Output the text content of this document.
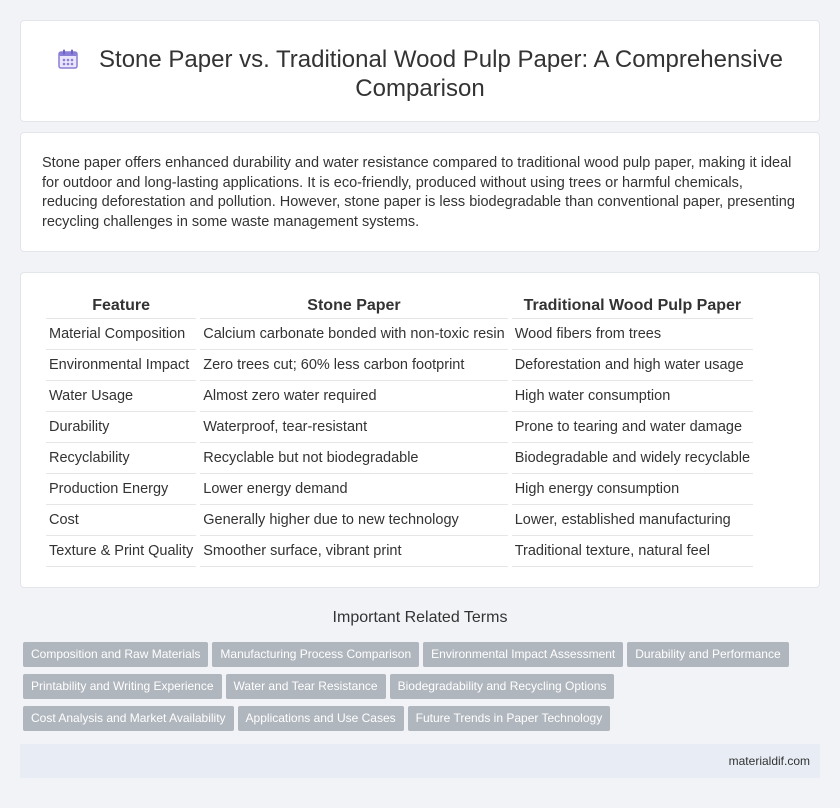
Stone Paper vs. Traditional Wood Pulp Paper: A Comprehensive Comparison

Stone paper offers enhanced durability and water resistance compared to traditional wood pulp paper, making it ideal for outdoor and long-lasting applications. It is eco-friendly, produced without using trees or harmful chemicals, reducing deforestation and pollution. However, stone paper is less biodegradable than conventional paper, presenting recycling challenges in some waste management systems.

Feature	Stone Paper	Traditional Wood Pulp Paper
Material Composition	Calcium carbonate bonded with non-toxic resin	Wood fibers from trees
Environmental Impact	Zero trees cut; 60% less carbon footprint	Deforestation and high water usage
Water Usage	Almost zero water required	High water consumption
Durability	Waterproof, tear-resistant	Prone to tearing and water damage
Recyclability	Recyclable but not biodegradable	Biodegradable and widely recyclable
Production Energy	Lower energy demand	High energy consumption
Cost	Generally higher due to new technology	Lower, established manufacturing
Texture & Print Quality	Smoother surface, vibrant print	Traditional texture, natural feel
Important Related Terms
Composition and Raw Materials Manufacturing Process Comparison Environmental Impact Assessment Durability and Performance
Printability and Writing Experience Water and Tear Resistance Biodegradability and Recycling Options
Cost Analysis and Market Availability Applications and Use Cases Future Trends in Paper Technology
materialdif.com
